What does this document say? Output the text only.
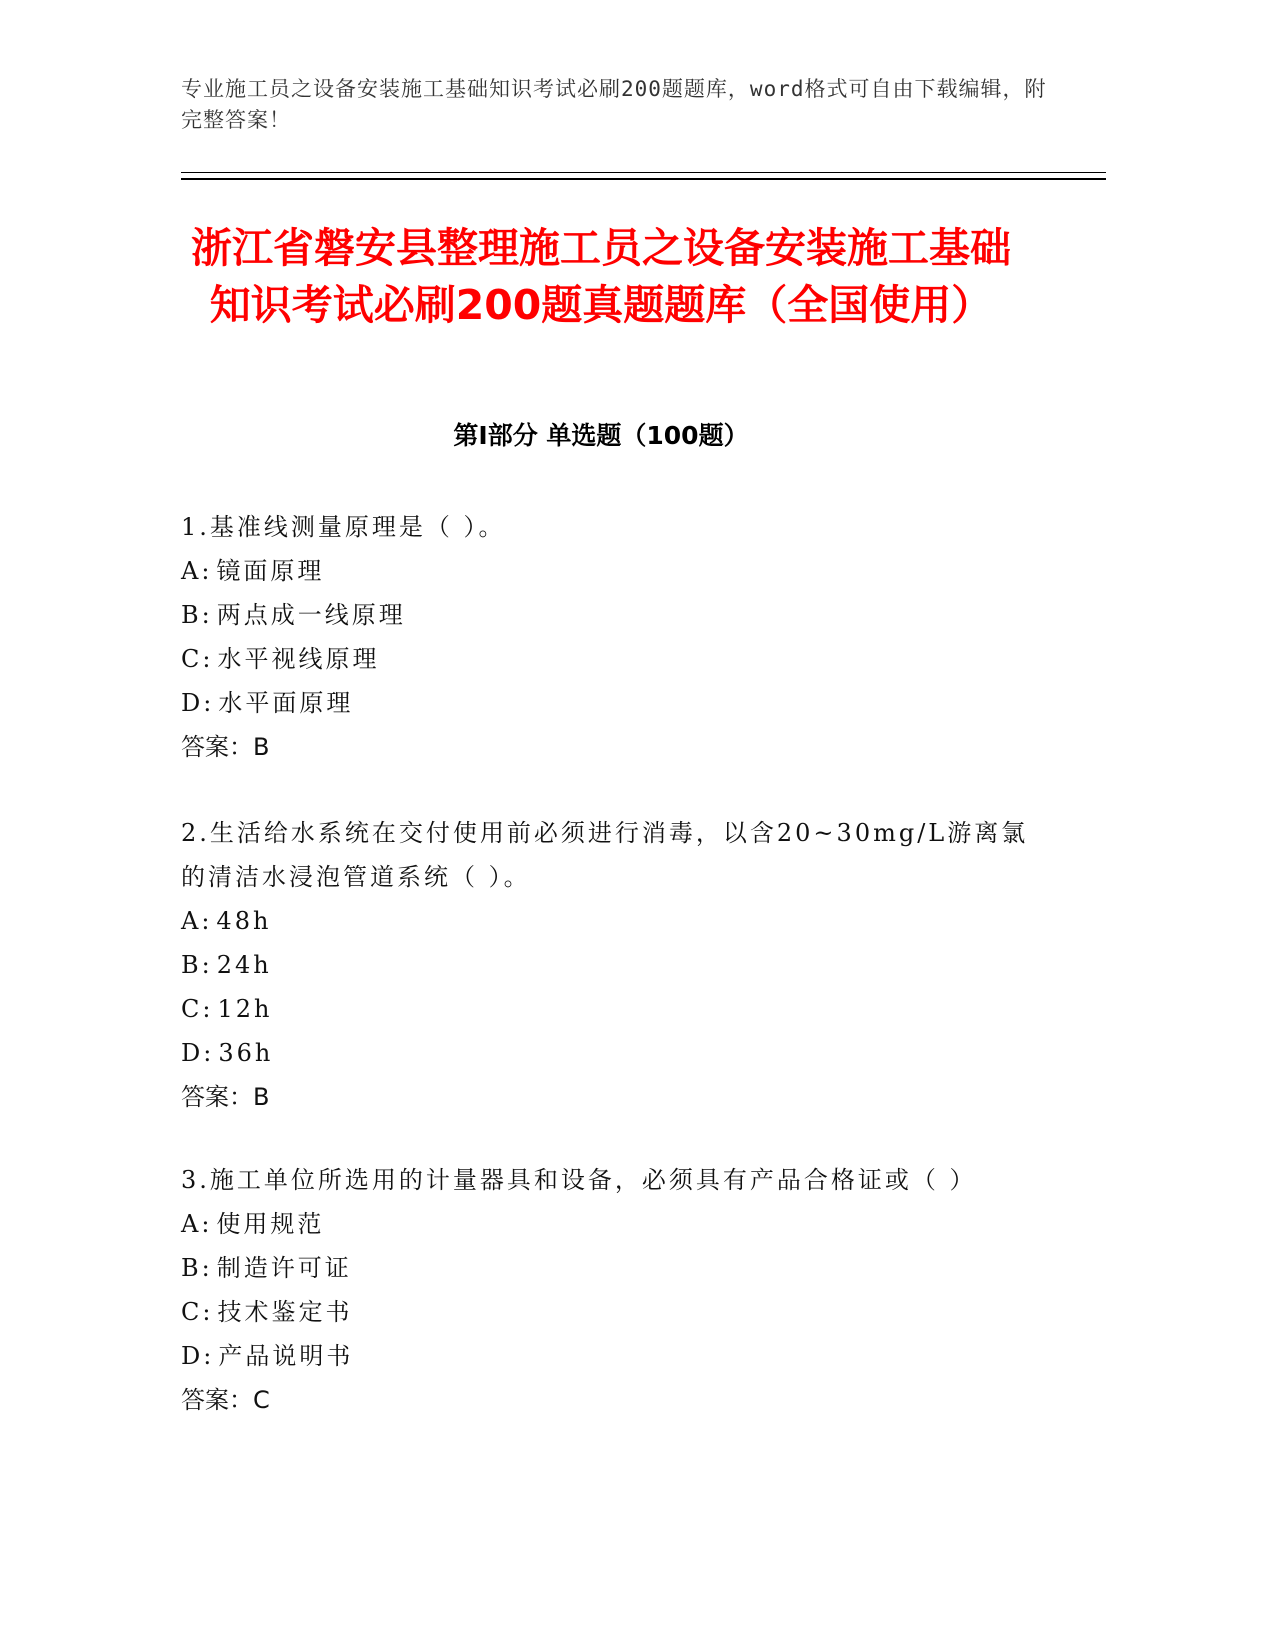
专业施工员之设备安装施工基础知识考试必刷200题题库，word格式可自由下载编辑，附完整答案！
浙江省磐安县整理施工员之设备安装施工基础知识考试必刷200题真题题库（全国使用）
第Ⅰ部分 单选题（100题）

1.基准线测量原理是（ ）。

A: 镜面原理

B: 两点成一线原理

C: 水平视线原理

D: 水平面原理

答案：B

2.生活给水系统在交付使用前必须进行消毒，以含20~30mg/L游离氯的清洁水浸泡管道系统（ ）。

A: 48h

B: 24h

C: 12h

D: 36h

答案：B

3.施工单位所选用的计量器具和设备，必须具有产品合格证或（ ）

A: 使用规范

B: 制造许可证

C: 技术鉴定书

D: 产品说明书

答案：C
